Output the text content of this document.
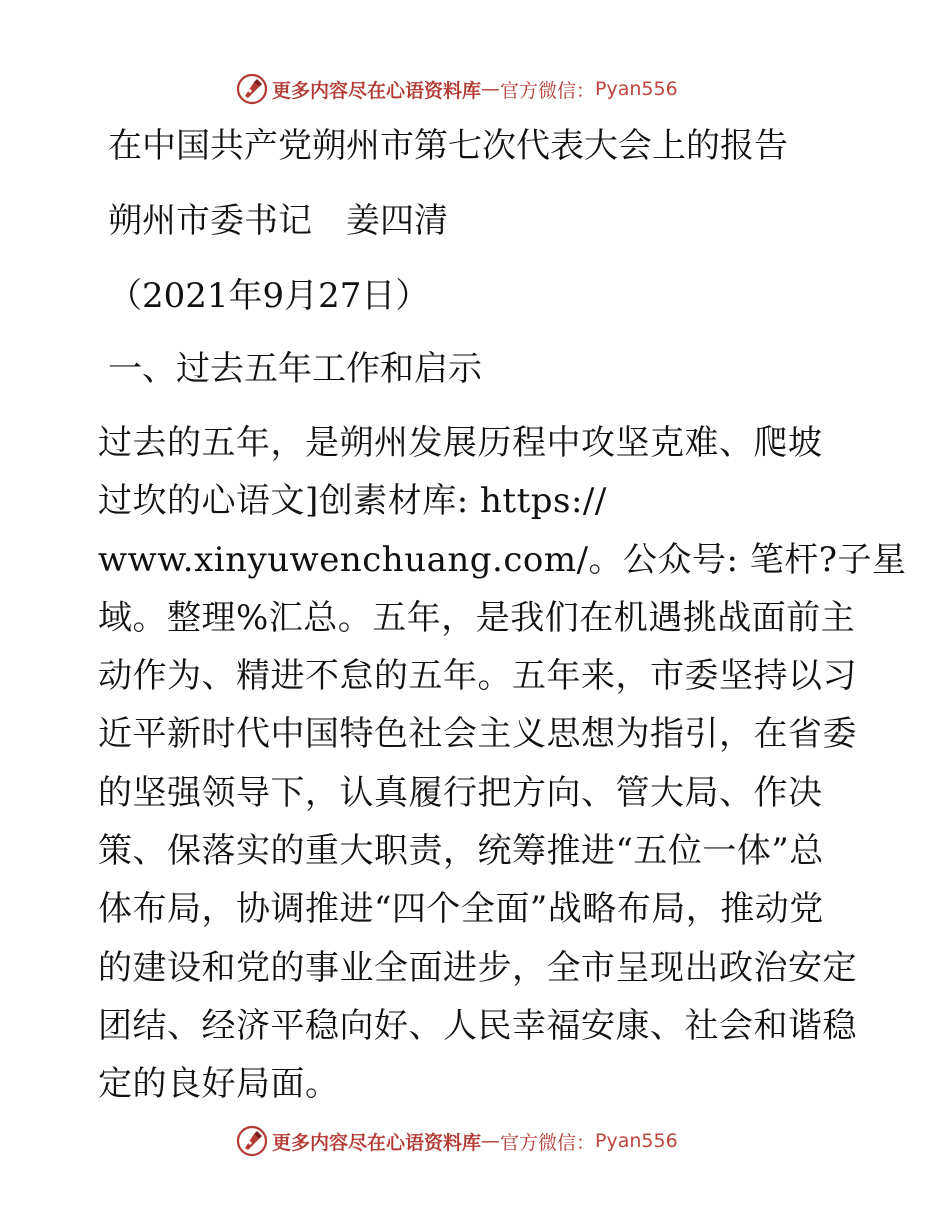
更多内容尽在心语资料库 — 官方微信： Pyan556
在中国共产党朔州市第七次代表大会上的报告
朔州市委书记　姜四清
（2021年9月27日）
一、过去五年工作和启示
过去的五年，是朔州发展历程中攻坚克难、爬坡
过坎的心语文]创素材库: https://
www.xinyuwenchuang.com/。公众号: 笔杆?子星
域。整理%汇总。五年，是我们在机遇挑战面前主
动作为、精进不怠的五年。五年来，市委坚持以习
近平新时代中国特色社会主义思想为指引，在省委
的坚强领导下，认真履行把方向、管大局、作决
策、保落实的重大职责，统筹推进“五位一体”总
体布局，协调推进“四个全面”战略布局，推动党
的建设和党的事业全面进步，全市呈现出政治安定
团结、经济平稳向好、人民幸福安康、社会和谐稳
定的良好局面。
更多内容尽在心语资料库 — 官方微信： Pyan556
